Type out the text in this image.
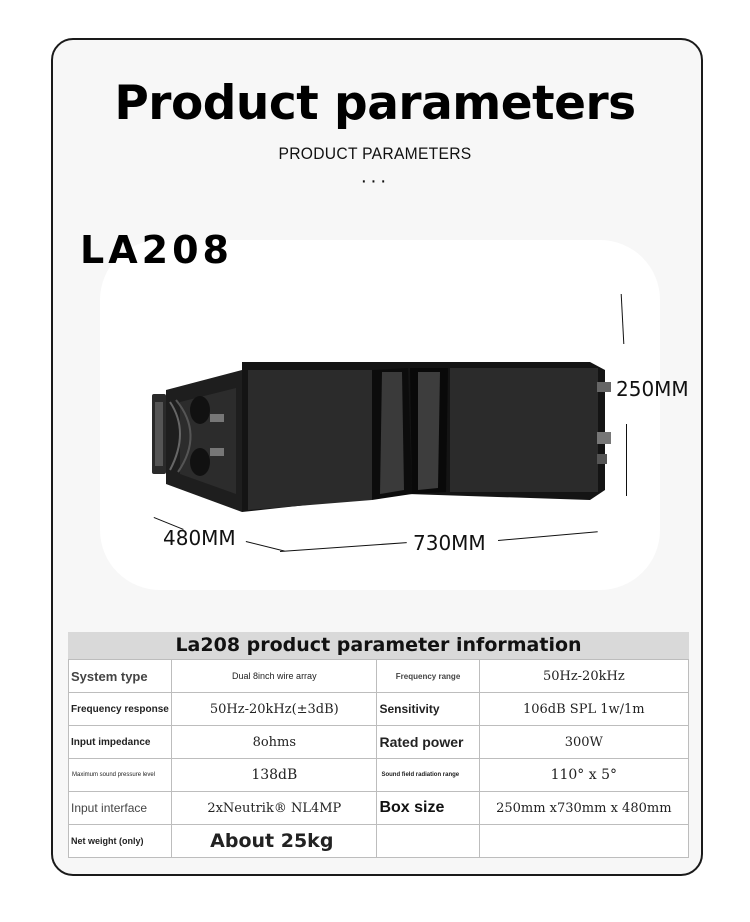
Product parameters
PRODUCT PARAMETERS
···
LA208
250MM
480MM	730MM
La208 product parameter information
System type	Dual 8inch wire array	Frequency range	50Hz-20kHz
Frequency response	50Hz-20kHz(±3dB)	Sensitivity	106dB SPL 1w/1m
Input impedance	8ohms	Rated power	300W
Maximum sound pressure level	138dB	Sound field radiation range	110° x 5°
Input interface	2xNeutrik® NL4MP	Box size	250mm x730mm x 480mm
Net weight (only)	About 25kg		
